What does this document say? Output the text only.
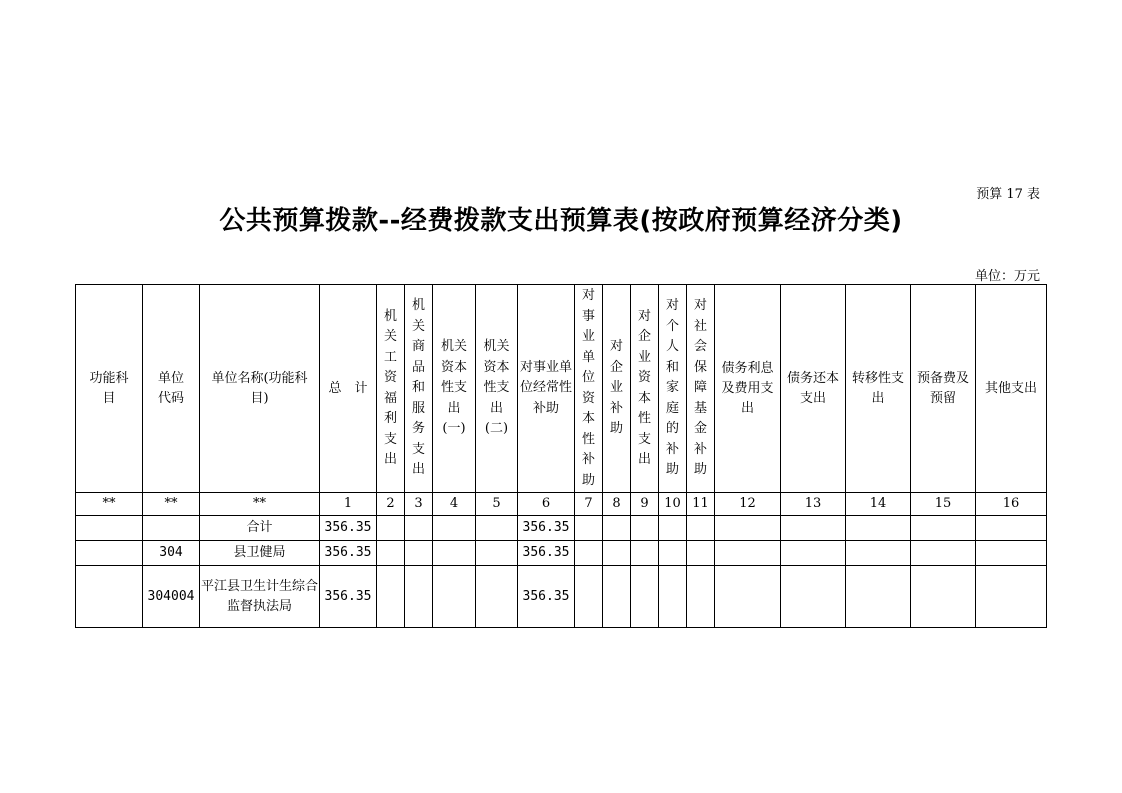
预算 17 表
公共预算拨款--经费拨款支出预算表(按政府预算经济分类)
单位：万元
功能科目	单位代码	单位名称(功能科目)	总　计	机关工资福利支出	机关商品和服务支出	机关资本性支出(一)	机关资本性支出(二)	对事业单位经常性补助	对事业单位资本性补助	对企业补助	对企业资本性支出	对个人和家庭的补助	对社会保障基金补助	债务利息及费用支出	债务还本支出	转移性支出	预备费及预留	其他支出
**	**	**	1	2	3	4	5	6	7	8	9	10	11	12	13	14	15	16
		合计	356.35					356.35										
	304	县卫健局	356.35					356.35										
	304004	平江县卫生计生综合监督执法局	356.35					356.35										
